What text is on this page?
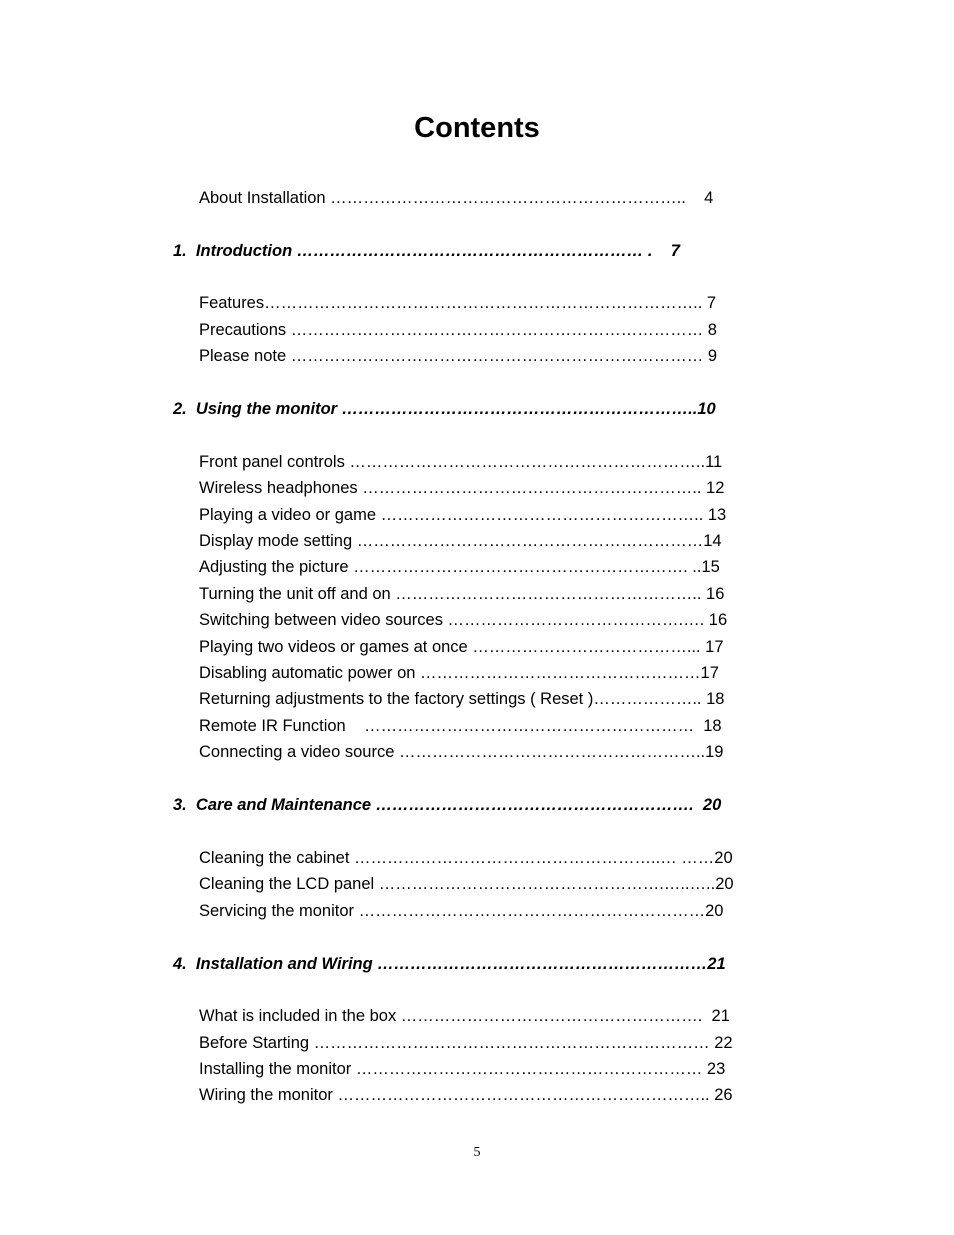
Contents
About Installation ………………………………………………………..    4
1.  Introduction ……………………………………………………… .    7
Features…………………………………………………………………….. 7
Precautions ………………………………………………………………… 8
Please note ………………………………………………………………… 9
2.  Using the monitor ………………………………………………………..10
Front panel controls ………………………………………………………..11
Wireless headphones …………………………………………………….. 12
Playing a video or game ………………………………………………….. 13
Display mode setting ………………………………………………………14
Adjusting the picture ……………………………………………………. ..15
Turning the unit off and on ……………………………………………….. 16
Switching between video sources …………………………………….…. 16
Playing two videos or games at once …………………………………... 17
Disabling automatic power on ……………………………………………17
Returning adjustments to the factory settings ( Reset )……………….. 18
Remote IR Function    ……………………………………………………  18
Connecting a video source ………………………………………………..19
3.  Care and Maintenance ………………………………………………….  20
Cleaning the cabinet ………………………………………………..… ……20
Cleaning the LCD panel …………………………………………….…..…..20
Servicing the monitor ………………………………………………………20
4.  Installation and Wiring ……………………………………………………21
What is included in the box ……………………………………………….  21
Before Starting ……………………………………………………………… 22
Installing the monitor ……………………………………………………… 23
Wiring the monitor ………………………………………………………….. 26
5
